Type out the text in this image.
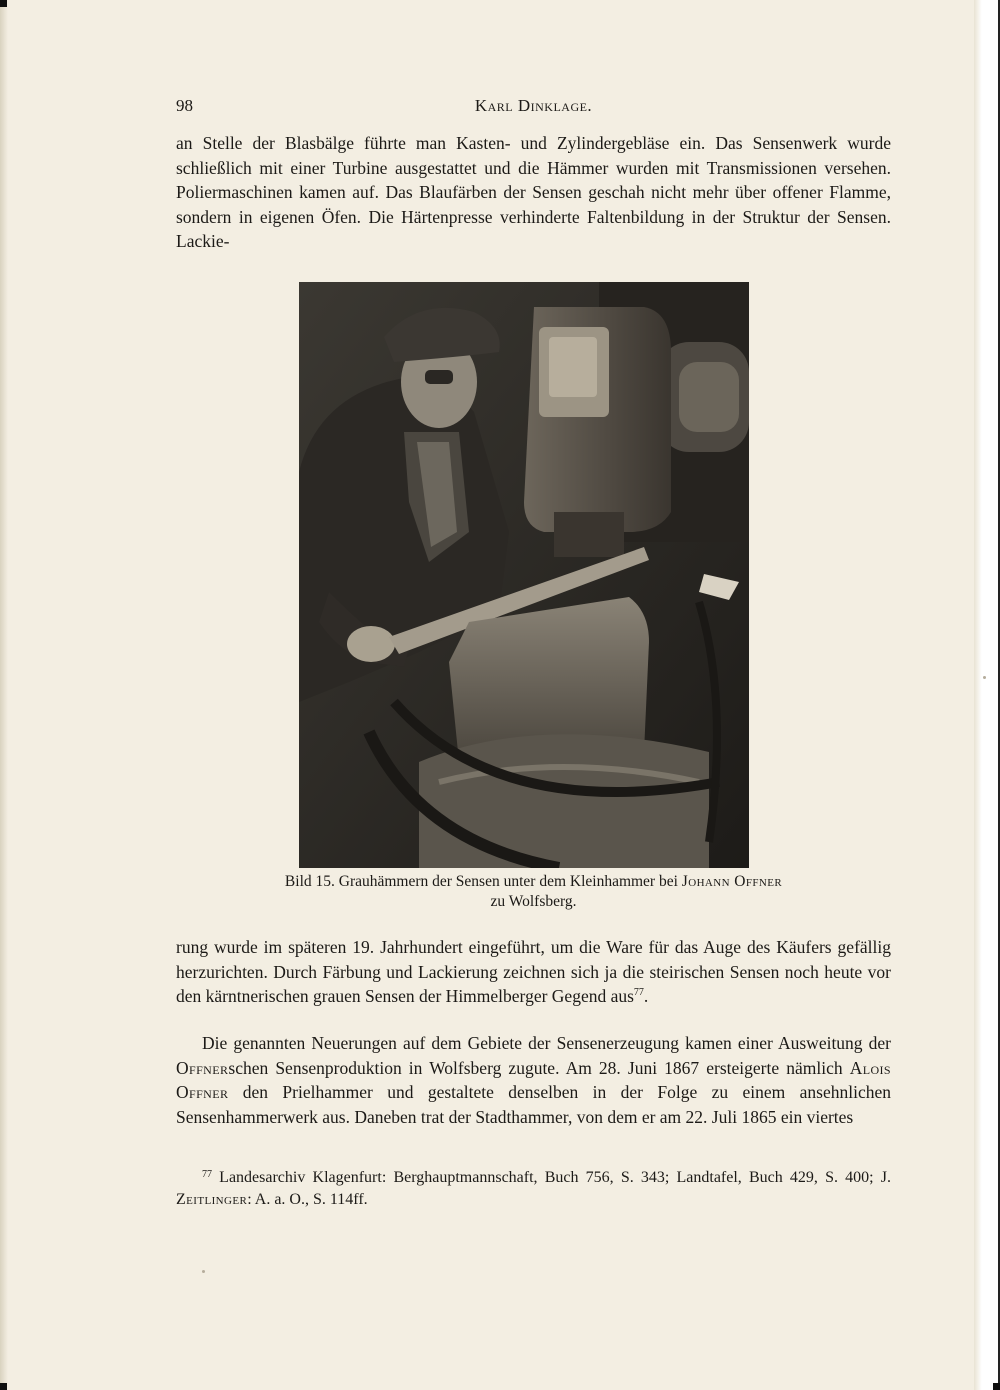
98	Karl Dinklage.

an Stelle der Blasbälge führte man Kasten- und Zylindergebläse ein. Das Sensenwerk wurde schließlich mit einer Turbine ausgestattet und die Hämmer wurden mit Transmissionen versehen. Poliermaschinen kamen auf. Das Blaufärben der Sensen geschah nicht mehr über offener Flamme, sondern in eigenen Öfen. Die Härtenpresse verhinderte Faltenbildung in der Struktur der Sensen. Lackie-

Bild 15. Grauhämmern der Sensen unter dem Kleinhammer bei Johann Offner
zu Wolfsberg.

rung wurde im späteren 19. Jahrhundert eingeführt, um die Ware für das Auge des Käufers gefällig herzurichten. Durch Färbung und Lackierung zeichnen sich ja die steirischen Sensen noch heute vor den kärntnerischen grauen Sensen der Himmelberger Gegend aus$^{77}$.

Die genannten Neuerungen auf dem Gebiete der Sensenerzeugung kamen einer Ausweitung der Offnerschen Sensenproduktion in Wolfsberg zugute. Am 28. Juni 1867 ersteigerte nämlich Alois Offner den Prielhammer und gestaltete denselben in der Folge zu einem ansehnlichen Sensenhammerwerk aus. Daneben trat der Stadthammer, von dem er am 22. Juli 1865 ein viertes

$^{77}$ Landesarchiv Klagenfurt: Berghauptmannschaft, Buch 756, S. 343; Landtafel, Buch 429, S. 400; J. Zeitlinger: A. a. O., S. 114ff.
